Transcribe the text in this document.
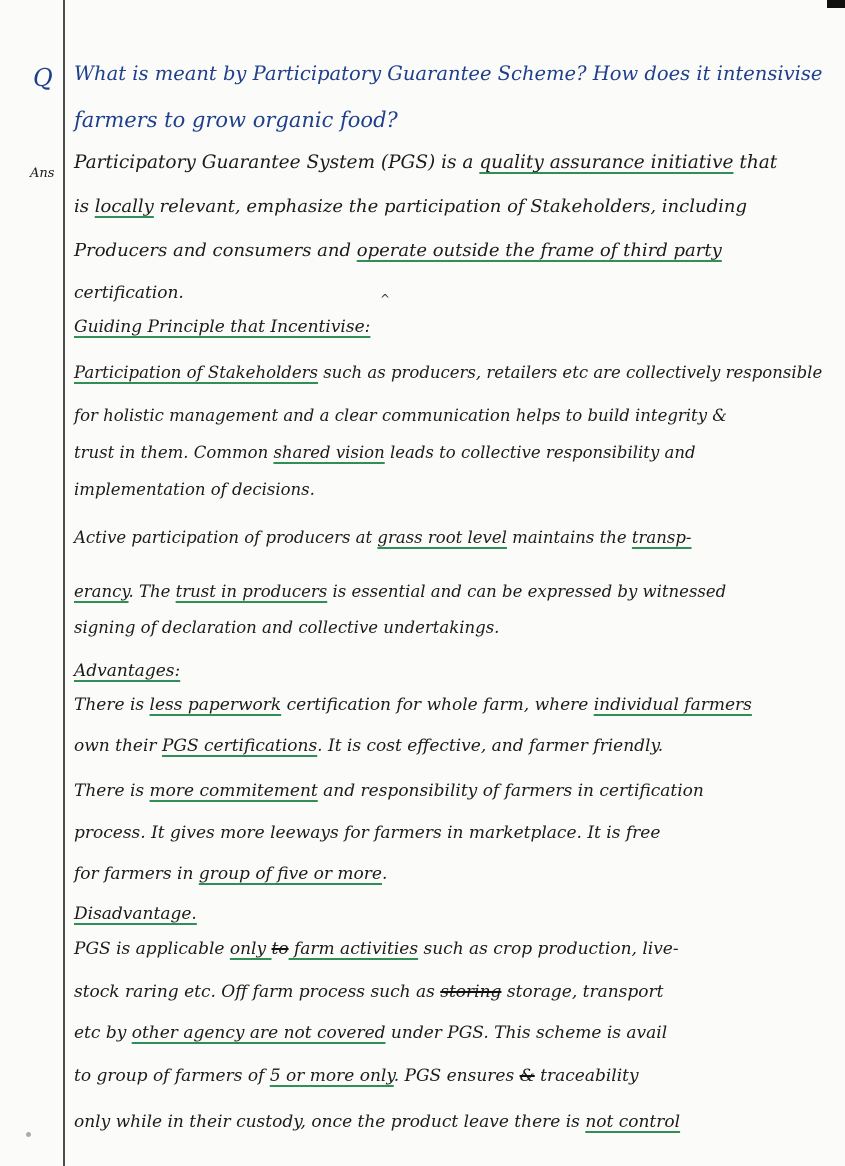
Q
Ans
What is meant by Participatory Guarantee Scheme? How does it intensivise
farmers to grow organic food?
Participatory Guarantee System (PGS) is a quality assurance initiative that
is locally relevant, emphasize the participation of Stakeholders, including
Producers and consumers and operate outside the frame of third party
certification.	^
Guiding Principle that Incentivise:
Participation of Stakeholders such as producers, retailers etc are collectively responsible
for holistic management and a clear communication helps to build integrity &
trust in them. Common shared vision leads to collective responsibility and
implementation of decisions.
Active participation of producers at grass root level maintains the transp-
erancy. The trust in producers is essential and can be expressed by witnessed
signing of declaration and collective undertakings.
Advantages:
There is less paperwork certification for whole farm, where individual farmers
own their PGS certifications. It is cost effective, and farmer friendly.
There is more commitement and responsibility of farmers in certification
process. It gives more leeways for farmers in marketplace. It is free
for farmers in group of five or more.
Disadvantage.
PGS is applicable only to farm activities such as crop production, live-
stock raring etc. Off farm process such as storing storage, transport
etc by other agency are not covered under PGS. This scheme is avail
to group of farmers of 5 or more only. PGS ensures & traceability
only while in their custody, once the product leave there is not control
